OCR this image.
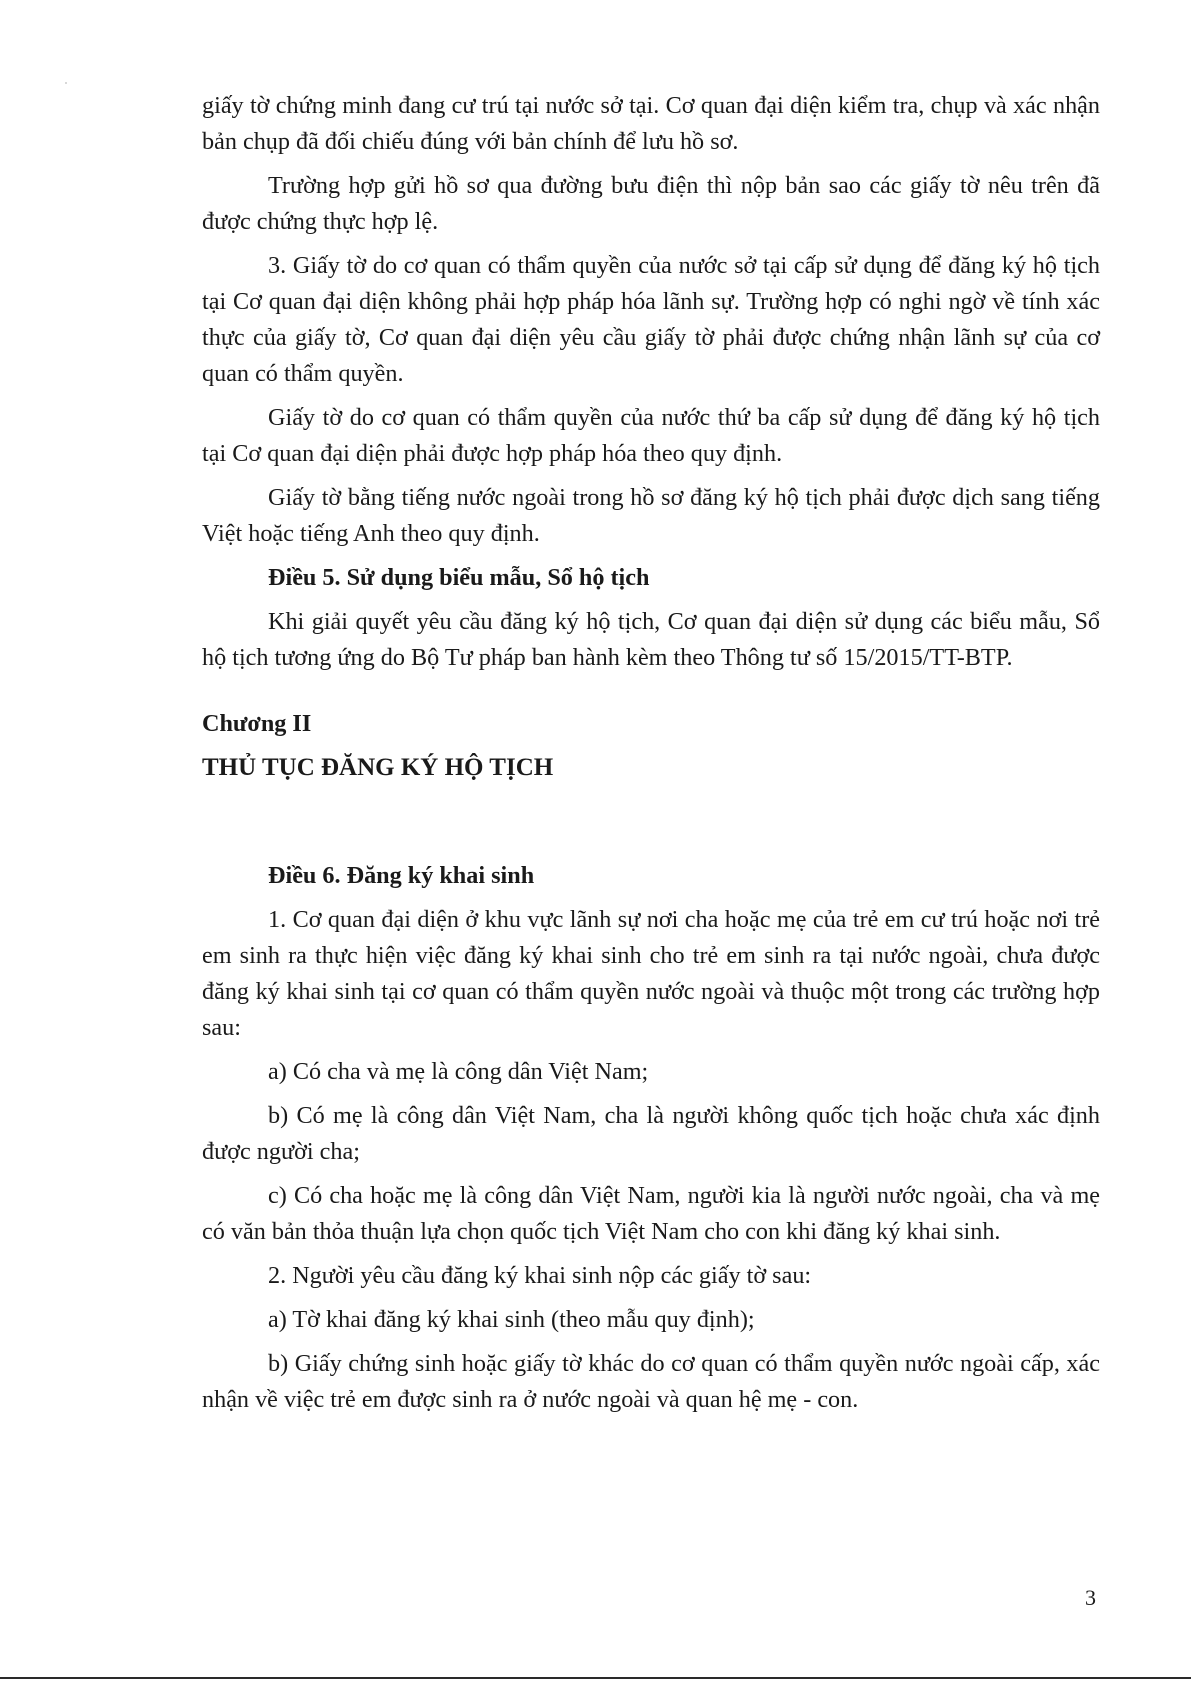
giấy tờ chứng minh đang cư trú tại nước sở tại. Cơ quan đại diện kiểm tra, chụp và xác nhận bản chụp đã đối chiếu đúng với bản chính để lưu hồ sơ.

Trường hợp gửi hồ sơ qua đường bưu điện thì nộp bản sao các giấy tờ nêu trên đã được chứng thực hợp lệ.

3. Giấy tờ do cơ quan có thẩm quyền của nước sở tại cấp sử dụng để đăng ký hộ tịch tại Cơ quan đại diện không phải hợp pháp hóa lãnh sự. Trường hợp có nghi ngờ về tính xác thực của giấy tờ, Cơ quan đại diện yêu cầu giấy tờ phải được chứng nhận lãnh sự của cơ quan có thẩm quyền.

Giấy tờ do cơ quan có thẩm quyền của nước thứ ba cấp sử dụng để đăng ký hộ tịch tại Cơ quan đại diện phải được hợp pháp hóa theo quy định.

Giấy tờ bằng tiếng nước ngoài trong hồ sơ đăng ký hộ tịch phải được dịch sang tiếng Việt hoặc tiếng Anh theo quy định.

Điều 5. Sử dụng biểu mẫu, Sổ hộ tịch

Khi giải quyết yêu cầu đăng ký hộ tịch, Cơ quan đại diện sử dụng các biểu mẫu, Sổ hộ tịch tương ứng do Bộ Tư pháp ban hành kèm theo Thông tư số 15/2015/TT-BTP.

Chương II

THỦ TỤC ĐĂNG KÝ HỘ TỊCH

Điều 6. Đăng ký khai sinh

1. Cơ quan đại diện ở khu vực lãnh sự nơi cha hoặc mẹ của trẻ em cư trú hoặc nơi trẻ em sinh ra thực hiện việc đăng ký khai sinh cho trẻ em sinh ra tại nước ngoài, chưa được đăng ký khai sinh tại cơ quan có thẩm quyền nước ngoài và thuộc một trong các trường hợp sau:

a) Có cha và mẹ là công dân Việt Nam;

b) Có mẹ là công dân Việt Nam, cha là người không quốc tịch hoặc chưa xác định được người cha;

c) Có cha hoặc mẹ là công dân Việt Nam, người kia là người nước ngoài, cha và mẹ có văn bản thỏa thuận lựa chọn quốc tịch Việt Nam cho con khi đăng ký khai sinh.

2. Người yêu cầu đăng ký khai sinh nộp các giấy tờ sau:

a) Tờ khai đăng ký khai sinh (theo mẫu quy định);

b) Giấy chứng sinh hoặc giấy tờ khác do cơ quan có thẩm quyền nước ngoài cấp, xác nhận về việc trẻ em được sinh ra ở nước ngoài và quan hệ mẹ - con.

3
